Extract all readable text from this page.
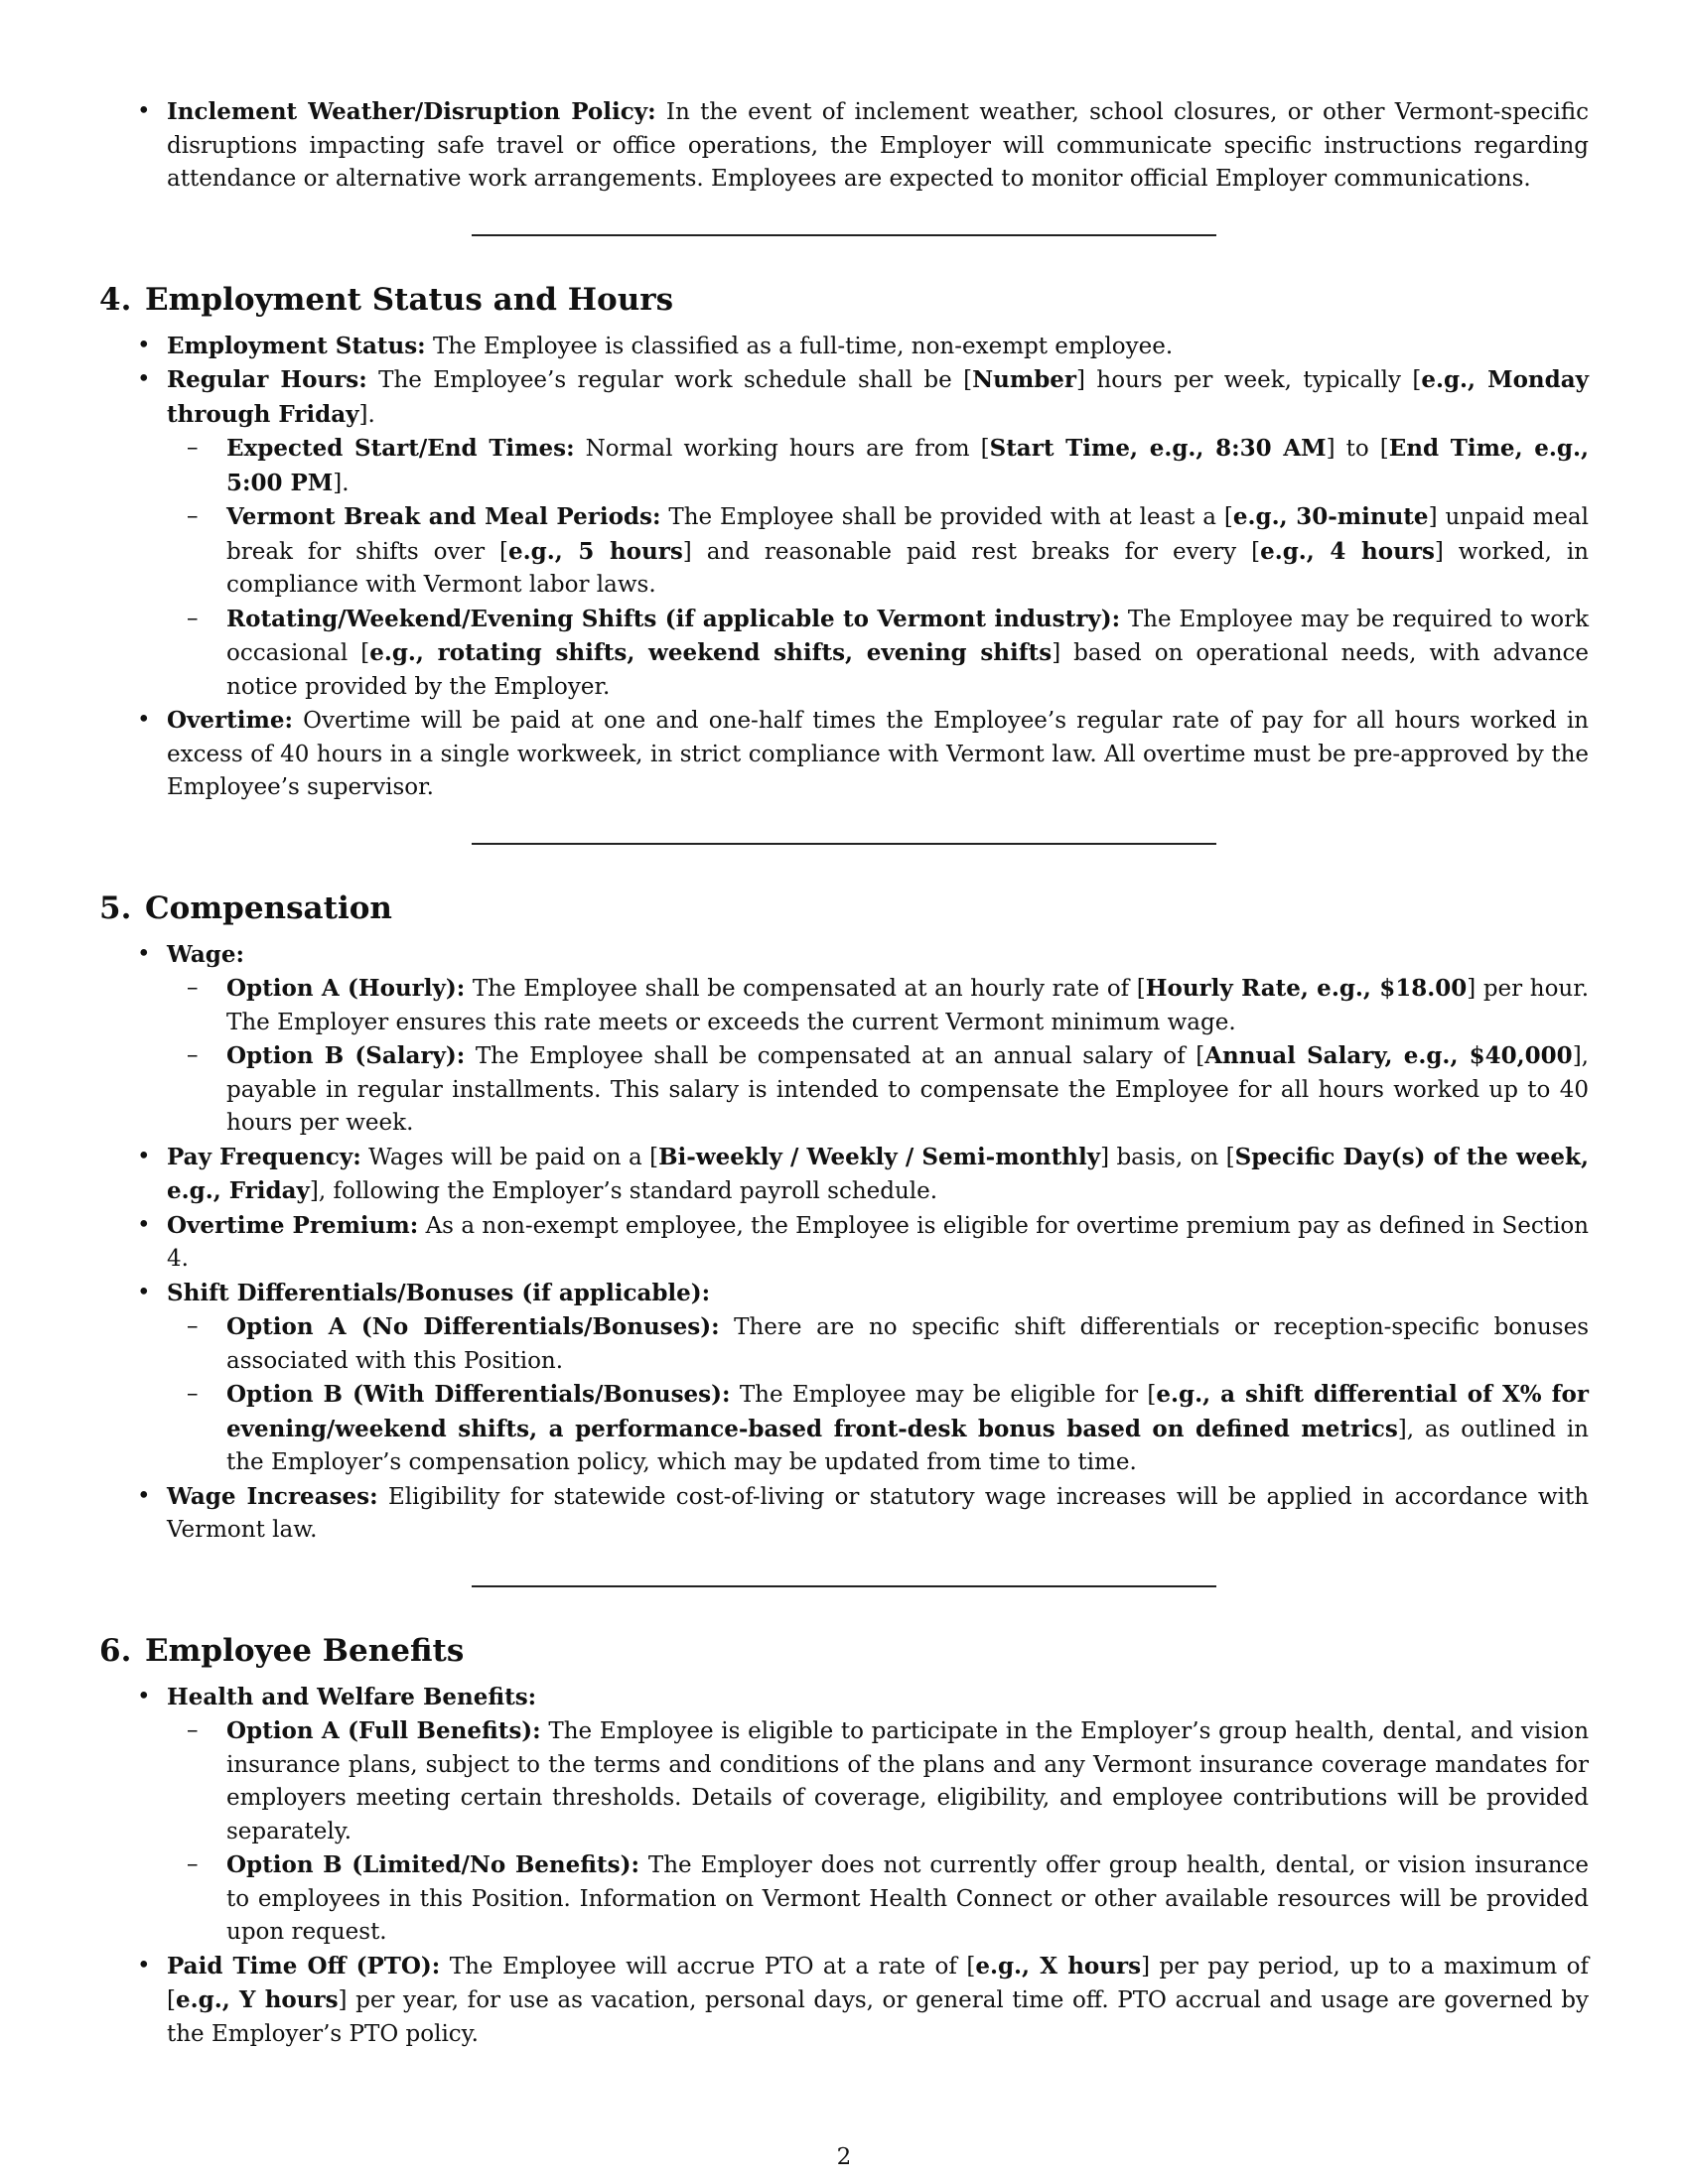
• Inclement Weather/Disruption Policy: In the event of inclement weather, school closures, or other Vermont-specific disruptions impacting safe travel or office operations, the Employer will communicate specific instructions regarding attendance or alternative work arrangements. Employees are expected to monitor official Employer communications.
4. Employment Status and Hours
• Employment Status: The Employee is classified as a full-time, non-exempt employee.
• Regular Hours: The Employee’s regular work schedule shall be [Number] hours per week, typically [e.g., Monday through Friday].
– Expected Start/End Times: Normal working hours are from [Start Time, e.g., 8:30 AM] to [End Time, e.g., 5:00 PM].
– Vermont Break and Meal Periods: The Employee shall be provided with at least a [e.g., 30-minute] unpaid meal break for shifts over [e.g., 5 hours] and reasonable paid rest breaks for every [e.g., 4 hours] worked, in compliance with Vermont labor laws.
– Rotating/Weekend/Evening Shifts (if applicable to Vermont industry): The Employee may be required to work occasional [e.g., rotating shifts, weekend shifts, evening shifts] based on operational needs, with advance notice provided by the Employer.
• Overtime: Overtime will be paid at one and one-half times the Employee’s regular rate of pay for all hours worked in excess of 40 hours in a single workweek, in strict compliance with Vermont law. All overtime must be pre-approved by the Employee’s supervisor.
5. Compensation
• Wage:
– Option A (Hourly): The Employee shall be compensated at an hourly rate of [Hourly Rate, e.g., $18.00] per hour. The Employer ensures this rate meets or exceeds the current Vermont minimum wage.
– Option B (Salary): The Employee shall be compensated at an annual salary of [Annual Salary, e.g., $40,000], payable in regular installments. This salary is intended to compensate the Employee for all hours worked up to 40 hours per week.
• Pay Frequency: Wages will be paid on a [Bi-weekly / Weekly / Semi-monthly] basis, on [Specific Day(s) of the week, e.g., Friday], following the Employer’s standard payroll schedule.
• Overtime Premium: As a non-exempt employee, the Employee is eligible for overtime premium pay as defined in Section 4.
• Shift Differentials/Bonuses (if applicable):
– Option A (No Differentials/Bonuses): There are no specific shift differentials or reception-specific bonuses associated with this Position.
– Option B (With Differentials/Bonuses): The Employee may be eligible for [e.g., a shift differential of X% for evening/weekend shifts, a performance-based front-desk bonus based on defined metrics], as outlined in the Employer’s compensation policy, which may be updated from time to time.
• Wage Increases: Eligibility for statewide cost-of-living or statutory wage increases will be applied in accordance with Vermont law.
6. Employee Benefits
• Health and Welfare Benefits:
– Option A (Full Benefits): The Employee is eligible to participate in the Employer’s group health, dental, and vision insurance plans, subject to the terms and conditions of the plans and any Vermont insurance coverage mandates for employers meeting certain thresholds. Details of coverage, eligibility, and employee contributions will be provided separately.
– Option B (Limited/No Benefits): The Employer does not currently offer group health, dental, or vision insurance to employees in this Position. Information on Vermont Health Connect or other available resources will be provided upon request.
• Paid Time Off (PTO): The Employee will accrue PTO at a rate of [e.g., X hours] per pay period, up to a maximum of [e.g., Y hours] per year, for use as vacation, personal days, or general time off. PTO accrual and usage are governed by the Employer’s PTO policy.
2
